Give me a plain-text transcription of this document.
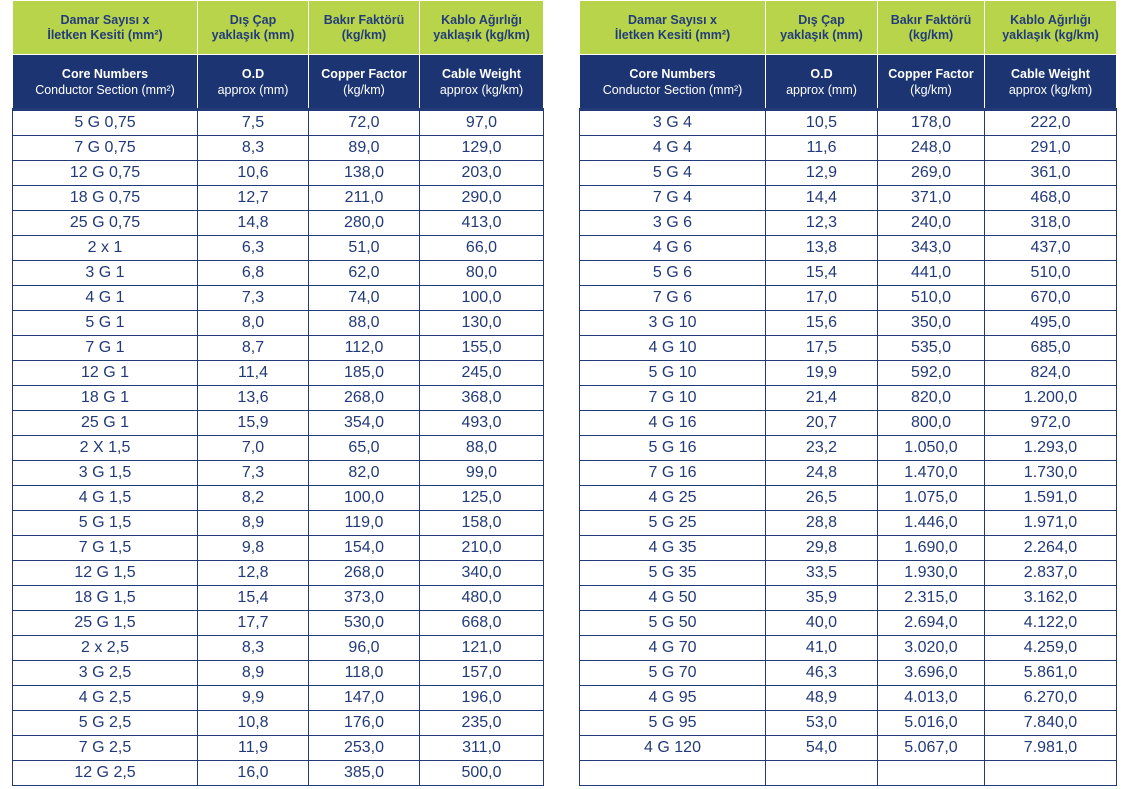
Damar Sayısı x
İletken Kesiti (mm²)	Dış Çap
yaklaşık (mm)	Bakır Faktörü
(kg/km)	Kablo Ağırlığı
yaklaşık (kg/km)

Core Numbers
Conductor Section (mm²)	O.D
approx (mm)	Copper Factor
(kg/km)	Cable Weight
approx (kg/km)

5 G 0,75	7,5	72,0	97,0
7 G 0,75	8,3	89,0	129,0
12 G 0,75	10,6	138,0	203,0
18 G 0,75	12,7	211,0	290,0
25 G 0,75	14,8	280,0	413,0
2 x 1	6,3	51,0	66,0
3 G 1	6,8	62,0	80,0
4 G 1	7,3	74,0	100,0
5 G 1	8,0	88,0	130,0
7 G 1	8,7	112,0	155,0
12 G 1	11,4	185,0	245,0
18 G 1	13,6	268,0	368,0
25 G 1	15,9	354,0	493,0
2 X 1,5	7,0	65,0	88,0
3 G 1,5	7,3	82,0	99,0
4 G 1,5	8,2	100,0	125,0
5 G 1,5	8,9	119,0	158,0
7 G 1,5	9,8	154,0	210,0
12 G 1,5	12,8	268,0	340,0
18 G 1,5	15,4	373,0	480,0
25 G 1,5	17,7	530,0	668,0
2 x 2,5	8,3	96,0	121,0
3 G 2,5	8,9	118,0	157,0
4 G 2,5	9,9	147,0	196,0
5 G 2,5	10,8	176,0	235,0
7 G 2,5	11,9	253,0	311,0
12 G 2,5	16,0	385,0	500,0
Damar Sayısı x
İletken Kesiti (mm²)	Dış Çap
yaklaşık (mm)	Bakır Faktörü
(kg/km)	Kablo Ağırlığı
yaklaşık (kg/km)

Core Numbers
Conductor Section (mm²)	O.D
approx (mm)	Copper Factor
(kg/km)	Cable Weight
approx (kg/km)

3 G 4	10,5	178,0	222,0
4 G 4	11,6	248,0	291,0
5 G 4	12,9	269,0	361,0
7 G 4	14,4	371,0	468,0
3 G 6	12,3	240,0	318,0
4 G 6	13,8	343,0	437,0
5 G 6	15,4	441,0	510,0
7 G 6	17,0	510,0	670,0
3 G 10	15,6	350,0	495,0
4 G 10	17,5	535,0	685,0
5 G 10	19,9	592,0	824,0
7 G 10	21,4	820,0	1.200,0
4 G 16	20,7	800,0	972,0
5 G 16	23,2	1.050,0	1.293,0
7 G 16	24,8	1.470,0	1.730,0
4 G 25	26,5	1.075,0	1.591,0
5 G 25	28,8	1.446,0	1.971,0
4 G 35	29,8	1.690,0	2.264,0
5 G 35	33,5	1.930,0	2.837,0
4 G 50	35,9	2.315,0	3.162,0
5 G 50	40,0	2.694,0	4.122,0
4 G 70	41,0	3.020,0	4.259,0
5 G 70	46,3	3.696,0	5.861,0
4 G 95	48,9	4.013,0	6.270,0
5 G 95	53,0	5.016,0	7.840,0
4 G 120	54,0	5.067,0	7.981,0
